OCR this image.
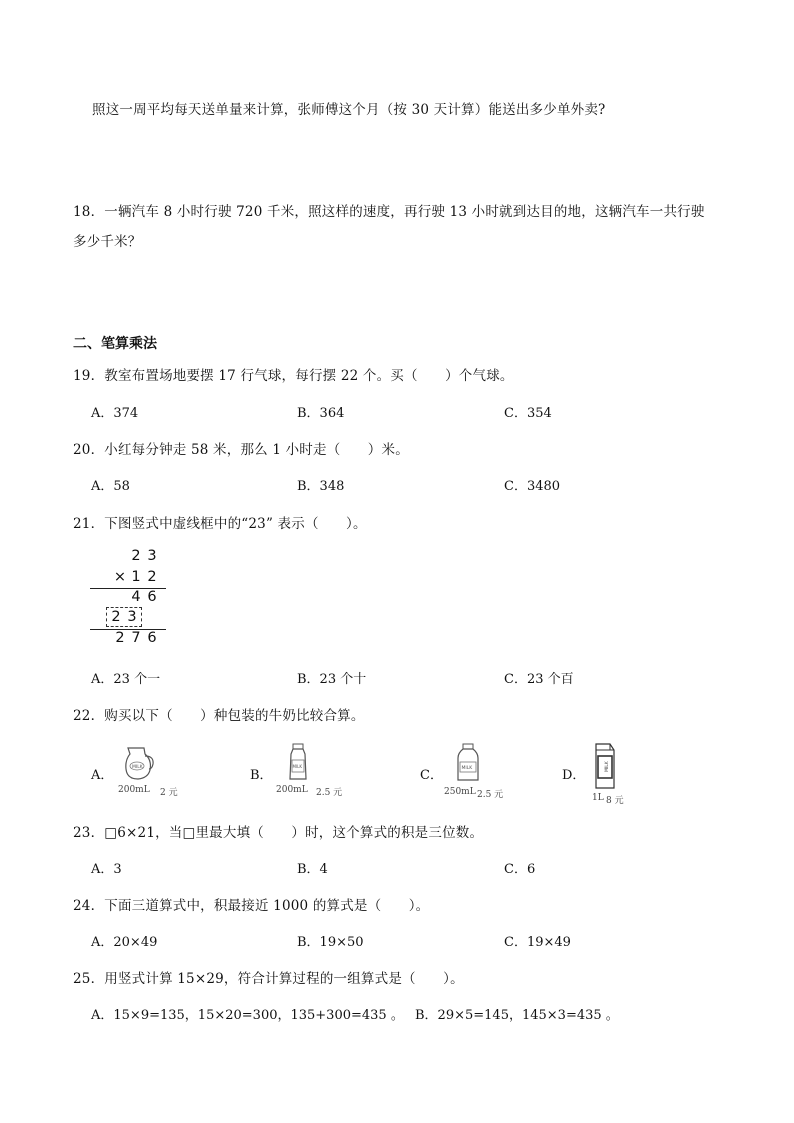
照这一周平均每天送单量来计算，张师傅这个月（按 30 天计算）能送出多少单外卖?
18．一辆汽车 8 小时行驶 720 千米，照这样的速度，再行驶 13 小时就到达目的地，这辆汽车一共行驶
多少千米？
二、笔算乘法
19．教室布置场地要摆 17 行气球，每行摆 22 个。买（　　）个气球。
A．374	B．364	C．354
20．小红每分钟走 58 米，那么 1 小时走（　　）米。
A．58	B．348	C．3480
21．下图竖式中虚线框中的“23” 表示（　　）。
2 3
× 1 2
4 6
2 3
2 7 6
A．23 个一	B．23 个十	C．23 个百
22．购买以下（　　）种包装的牛奶比较合算。
A．
MILK
200mL 2 元
B．
MILK
200mL 2.5 元
C．	MILK
250mL 2.5 元
D．
MILK
1L 8 元
23．□6×21，当□里最大填（　　）时，这个算式的积是三位数。
A．3	B．4	C．6
24．下面三道算式中，积最接近 1000 的算式是（　　）。
A．20×49	B．19×50	C．19×49
25．用竖式计算 15×29，符合计算过程的一组算式是（　　）。
A．15×9=135，15×20=300，135+300=435 。 B．29×5=145，145×3=435 。
